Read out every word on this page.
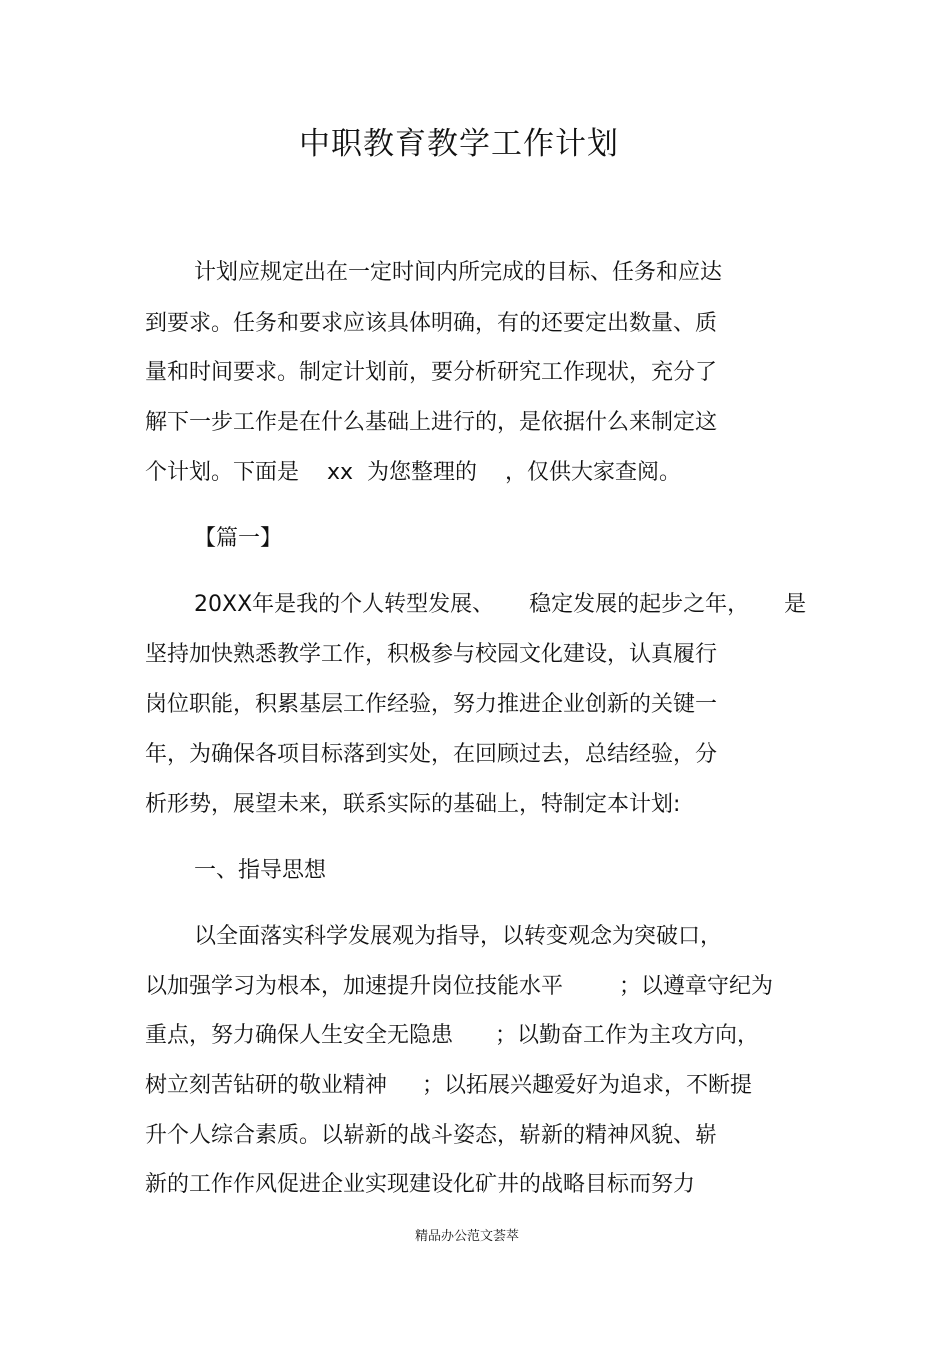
中职教育教学工作计划
计划应规定出在一定时间内所完成的目标、任务和应达
到要求。任务和要求应该具体明确，有的还要定出数量、质
量和时间要求。制定计划前，要分析研究工作现状，充分了
解下一步工作是在什么基础上进行的，是依据什么来制定这
个计划。下面是    xx  为您整理的    ，仅供大家查阅。
【篇一】
20XX年是我的个人转型发展、     稳定发展的起步之年，     是
坚持加快熟悉教学工作，积极参与校园文化建设，认真履行
岗位职能，积累基层工作经验，努力推进企业创新的关键一
年，为确保各项目标落到实处，在回顾过去，总结经验，分
析形势，展望未来，联系实际的基础上，特制定本计划:
一、指导思想
以全面落实科学发展观为指导，以转变观念为突破口，
以加强学习为根本，加速提升岗位技能水平        ；以遵章守纪为
重点，努力确保人生安全无隐患      ；以勤奋工作为主攻方向，
树立刻苦钻研的敬业精神     ；以拓展兴趣爱好为追求，不断提
升个人综合素质。以崭新的战斗姿态，崭新的精神风貌、崭
新的工作作风促进企业实现建设化矿井的战略目标而努力
精品办公范文荟萃
